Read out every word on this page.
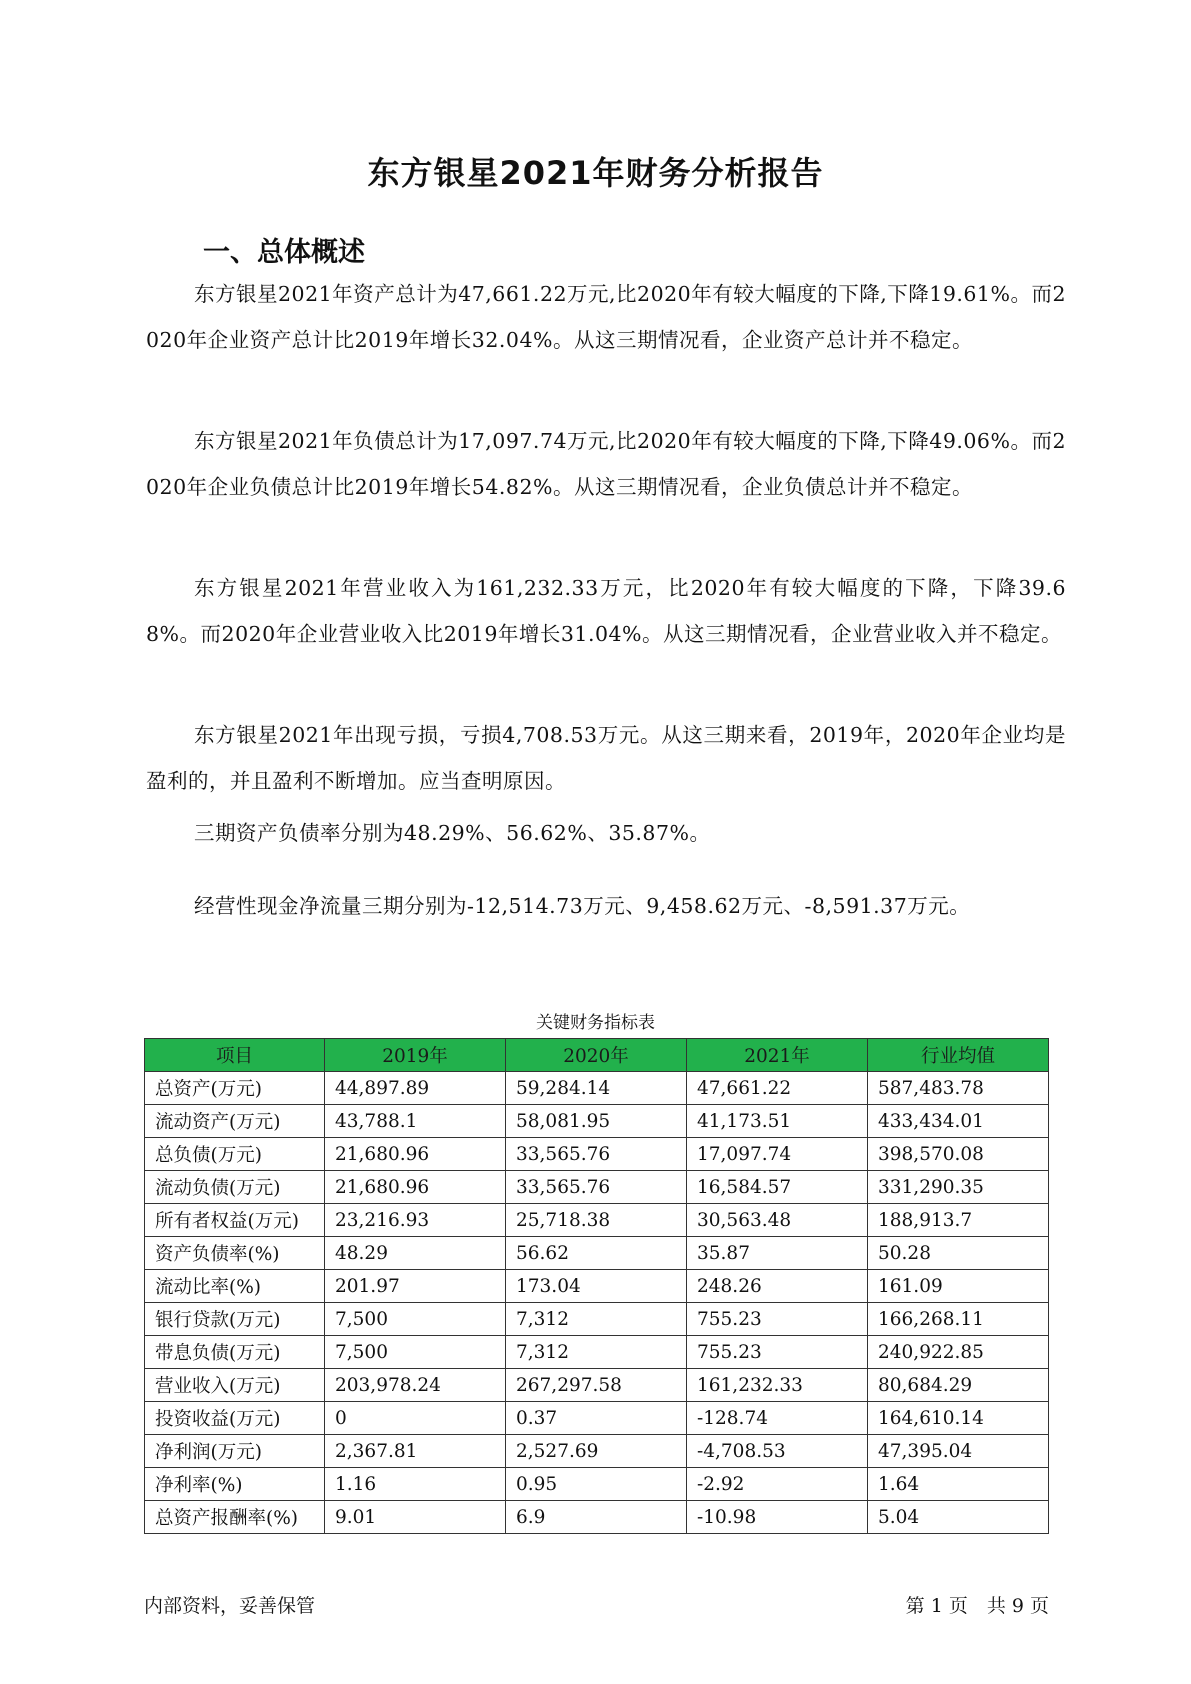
东方银星2021年财务分析报告
一、总体概述

东方银星2021年资产总计为47,661.22万元,比2020年有较大幅度的下降,下降19.61%。而2020年企业资产总计比2019年增长32.04%。从这三期情况看，企业资产总计并不稳定。

东方银星2021年负债总计为17,097.74万元,比2020年有较大幅度的下降,下降49.06%。而2020年企业负债总计比2019年增长54.82%。从这三期情况看，企业负债总计并不稳定。

东方银星2021年营业收入为161,232.33万元，比2020年有较大幅度的下降，下降39.68%。而2020年企业营业收入比2019年增长31.04%。从这三期情况看，企业营业收入并不稳定。

东方银星2021年出现亏损，亏损4,708.53万元。从这三期来看，2019年，2020年企业均是盈利的，并且盈利不断增加。应当查明原因。

三期资产负债率分别为48.29%、56.62%、35.87%。

经营性现金净流量三期分别为-12,514.73万元、9,458.62万元、-8,591.37万元。

关键财务指标表
项目	2019年	2020年	2021年	行业均值
总资产(万元)	44,897.89	59,284.14	47,661.22	587,483.78
流动资产(万元)	43,788.1	58,081.95	41,173.51	433,434.01
总负债(万元)	21,680.96	33,565.76	17,097.74	398,570.08
流动负债(万元)	21,680.96	33,565.76	16,584.57	331,290.35
所有者权益(万元)	23,216.93	25,718.38	30,563.48	188,913.7
资产负债率(%)	48.29	56.62	35.87	50.28
流动比率(%)	201.97	173.04	248.26	161.09
银行贷款(万元)	7,500	7,312	755.23	166,268.11
带息负债(万元)	7,500	7,312	755.23	240,922.85
营业收入(万元)	203,978.24	267,297.58	161,232.33	80,684.29
投资收益(万元)	0	0.37	-128.74	164,610.14
净利润(万元)	2,367.81	2,527.69	-4,708.53	47,395.04
净利率(%)	1.16	0.95	-2.92	1.64
总资产报酬率(%)	9.01	6.9	-10.98	5.04
内部资料，妥善保管	第 1 页　共 9 页
